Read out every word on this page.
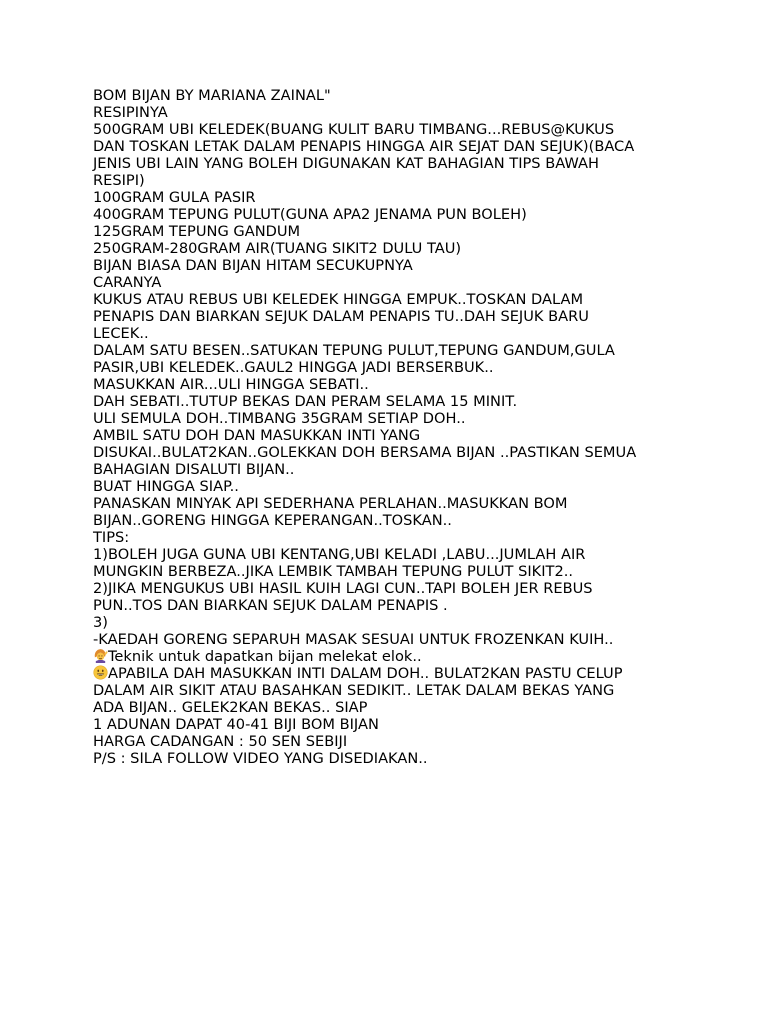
BOM BIJAN BY MARIANA ZAINAL"
RESIPINYA
500GRAM UBI KELEDEK(BUANG KULIT BARU TIMBANG...REBUS@KUKUS
DAN TOSKAN LETAK DALAM PENAPIS HINGGA AIR SEJAT DAN SEJUK)(BACA
JENIS UBI LAIN YANG BOLEH DIGUNAKAN KAT BAHAGIAN TIPS BAWAH
RESIPI)
100GRAM GULA PASIR
400GRAM TEPUNG PULUT(GUNA APA2 JENAMA PUN BOLEH)
125GRAM TEPUNG GANDUM
250GRAM-280GRAM AIR(TUANG SIKIT2 DULU TAU)
BIJAN BIASA DAN BIJAN HITAM SECUKUPNYA
CARANYA
KUKUS ATAU REBUS UBI KELEDEK HINGGA EMPUK..TOSKAN DALAM
PENAPIS DAN BIARKAN SEJUK DALAM PENAPIS TU..DAH SEJUK BARU
LECEK..
DALAM SATU BESEN..SATUKAN TEPUNG PULUT,TEPUNG GANDUM,GULA
PASIR,UBI KELEDEK..GAUL2 HINGGA JADI BERSERBUK..
MASUKKAN AIR...ULI HINGGA SEBATI..
DAH SEBATI..TUTUP BEKAS DAN PERAM SELAMA 15 MINIT.
ULI SEMULA DOH..TIMBANG 35GRAM SETIAP DOH..
AMBIL SATU DOH DAN MASUKKAN INTI YANG
DISUKAI..BULAT2KAN..GOLEKKAN DOH BERSAMA BIJAN ..PASTIKAN SEMUA
BAHAGIAN DISALUTI BIJAN..
BUAT HINGGA SIAP..
PANASKAN MINYAK API SEDERHANA PERLAHAN..MASUKKAN BOM
BIJAN..GORENG HINGGA KEPERANGAN..TOSKAN..
TIPS:
1)BOLEH JUGA GUNA UBI KENTANG,UBI KELADI ,LABU...JUMLAH AIR
MUNGKIN BERBEZA..JIKA LEMBIK TAMBAH TEPUNG PULUT SIKIT2..
2)JIKA MENGUKUS UBI HASIL KUIH LAGI CUN..TAPI BOLEH JER REBUS
PUN..TOS DAN BIARKAN SEJUK DALAM PENAPIS .
3)
-KAEDAH GORENG SEPARUH MASAK SESUAI UNTUK FROZENKAN KUIH..
Teknik untuk dapatkan bijan melekat elok..
APABILA DAH MASUKKAN INTI DALAM DOH.. BULAT2KAN PASTU CELUP
DALAM AIR SIKIT ATAU BASAHKAN SEDIKIT.. LETAK DALAM BEKAS YANG
ADA BIJAN.. GELEK2KAN BEKAS.. SIAP
1 ADUNAN DAPAT 40-41 BIJI BOM BIJAN
HARGA CADANGAN : 50 SEN SEBIJI
P/S : SILA FOLLOW VIDEO YANG DISEDIAKAN..
